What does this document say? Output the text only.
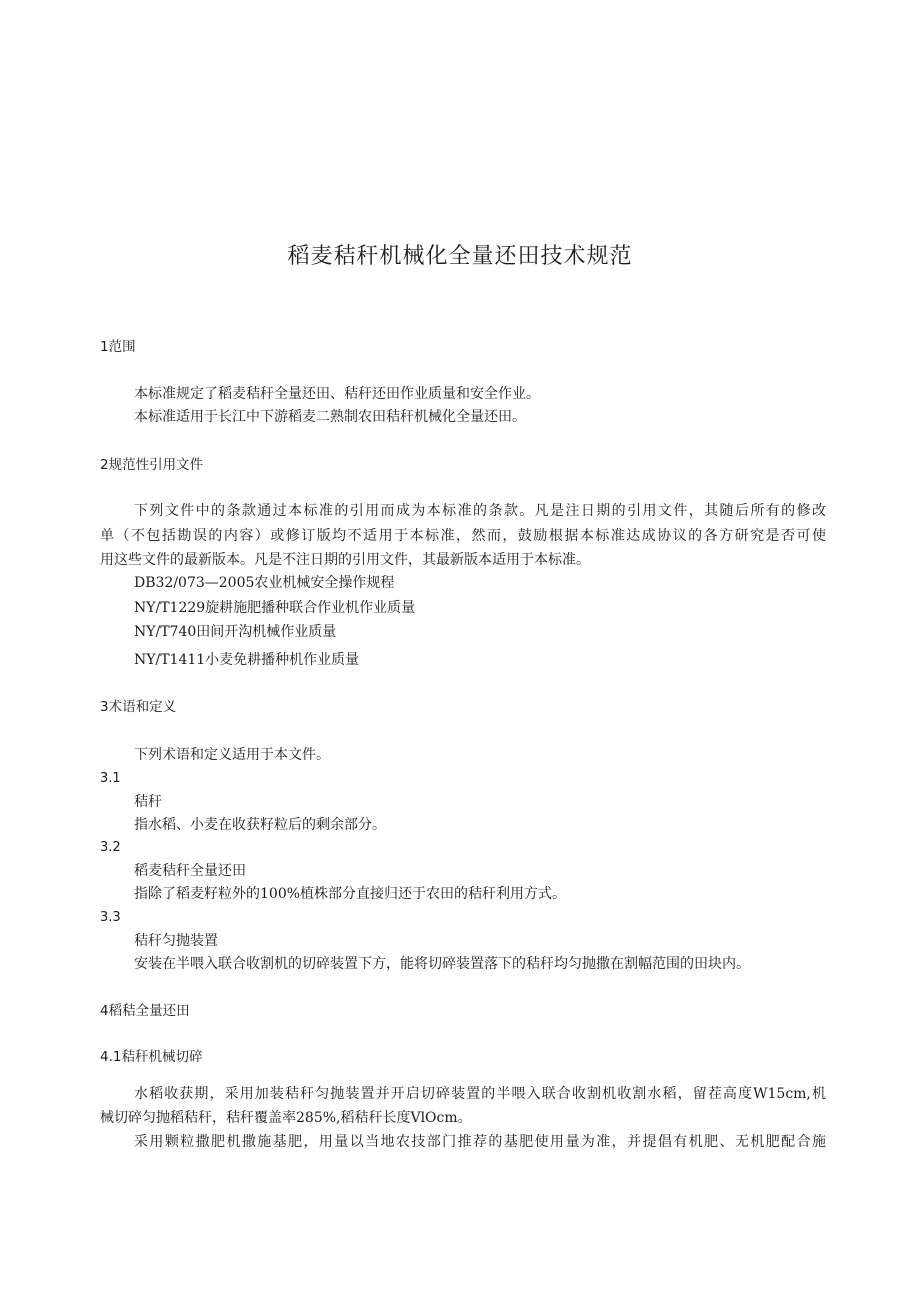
稻麦秸秆机械化全量还田技术规范
1范围
本标准规定了稻麦秸秆全量还田、秸秆还田作业质量和安全作业。
本标准适用于长江中下游稻麦二熟制农田秸秆机械化全量还田。
2规范性引用文件
下列文件中的条款通过本标准的引用而成为本标准的条款。凡是注日期的引用文件，其随后所有的修改
单（不包括勘误的内容）或修订版均不适用于本标准，然而，鼓励根据本标准达成协议的各方研究是否可使
用这些文件的最新版本。凡是不注日期的引用文件，其最新版本适用于本标准。
DB32/073—2005农业机械安全操作规程
NY/T1229旋耕施肥播种联合作业机作业质量
NY/T740田间开沟机械作业质量
NY/T1411小麦免耕播种机作业质量
3术语和定义
下列术语和定义适用于本文件。
3.1
秸秆
指水稻、小麦在收获籽粒后的剩余部分。
3.2
稻麦秸秆全量还田
指除了稻麦籽粒外的100%植株部分直接归还于农田的秸秆利用方式。
3.3
秸秆匀抛装置
安装在半喂入联合收割机的切碎装置下方，能将切碎装置落下的秸秆均匀抛撒在割幅范围的田块内。
4稻秸全量还田
4.1秸秆机械切碎
水稻收获期，采用加装秸秆匀抛装置并开启切碎装置的半喂入联合收割机收割水稻，留茬高度W15cm,机
械切碎匀抛稻秸秆，秸秆覆盖率285%,稻秸秆长度VlOcm。
采用颗粒撒肥机撒施基肥，用量以当地农技部门推荐的基肥使用量为准，并提倡有机肥、无机肥配合施
